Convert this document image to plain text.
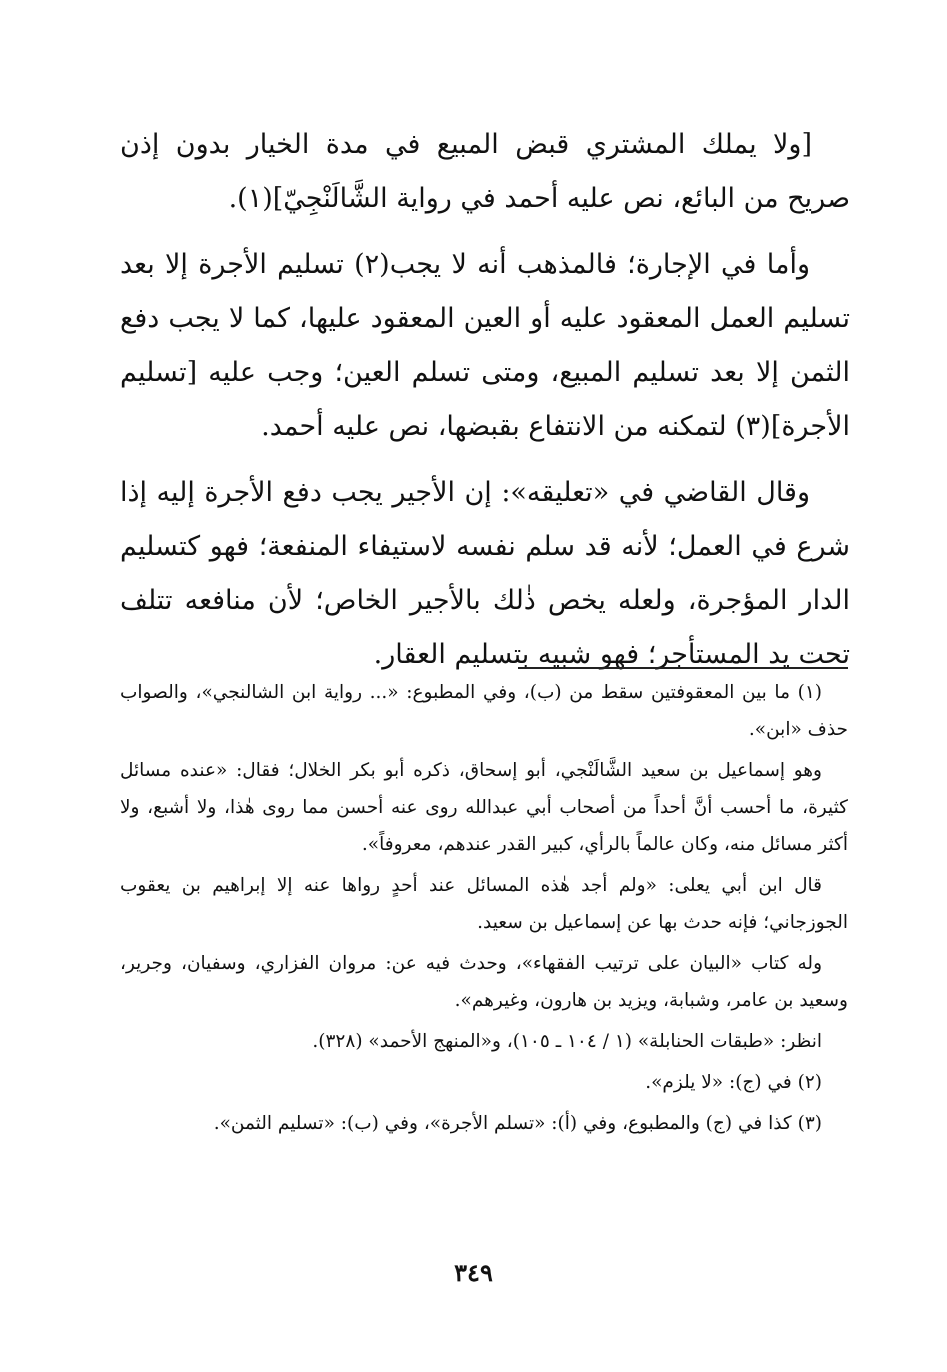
[ولا يملك المشتري قبض المبيع في مدة الخيار بدون إذن صريح من البائع، نص عليه أحمد في رواية الشَّالَنْجِيّ](١).

وأما في الإجارة؛ فالمذهب أنه لا يجب(٢) تسليم الأجرة إلا بعد تسليم العمل المعقود عليه أو العين المعقود عليها، كما لا يجب دفع الثمن إلا بعد تسليم المبيع، ومتى تسلم العين؛ وجب عليه [تسليم الأجرة](٣) لتمكنه من الانتفاع بقبضها، نص عليه أحمد.

وقال القاضي في «تعليقه»: إن الأجير يجب دفع الأجرة إليه إذا شرع في العمل؛ لأنه قد سلم نفسه لاستيفاء المنفعة؛ فهو كتسليم الدار المؤجرة، ولعله يخص ذٰلك بالأجير الخاص؛ لأن منافعه تتلف تحت يد المستأجر؛ فهو شبيه بتسليم العقار.

(١) ما بين المعقوفتين سقط من (ب)، وفي المطبوع: «... رواية ابن الشالنجي»، والصواب حذف «ابن».

وهو إسماعيل بن سعيد الشَّالَنْجي، أبو إسحاق، ذكره أبو بكر الخلال؛ فقال: «عنده مسائل كثيرة، ما أحسب أنَّ أحداً من أصحاب أبي عبدالله روى عنه أحسن مما روى هٰذا، ولا أشبع، ولا أكثر مسائل منه، وكان عالماً بالرأي، كبير القدر عندهم، معروفاً».

قال ابن أبي يعلى: «ولم أجد هٰذه المسائل عند أحدٍ رواها عنه إلا إبراهيم بن يعقوب الجوزجاني؛ فإنه حدث بها عن إسماعيل بن سعيد.

وله كتاب «البيان على ترتيب الفقهاء»، وحدث فيه عن: مروان الفزاري، وسفيان، وجرير، وسعيد بن عامر، وشبابة، ويزيد بن هارون، وغيرهم».

انظر: «طبقات الحنابلة» (١ / ١٠٤ ـ ١٠٥)، و«المنهج الأحمد» (٣٢٨).

(٢) في (ج): «لا يلزم».

(٣) كذا في (ج) والمطبوع، وفي (أ): «تسلم الأجرة»، وفي (ب): «تسليم الثمن».

٣٤٩
